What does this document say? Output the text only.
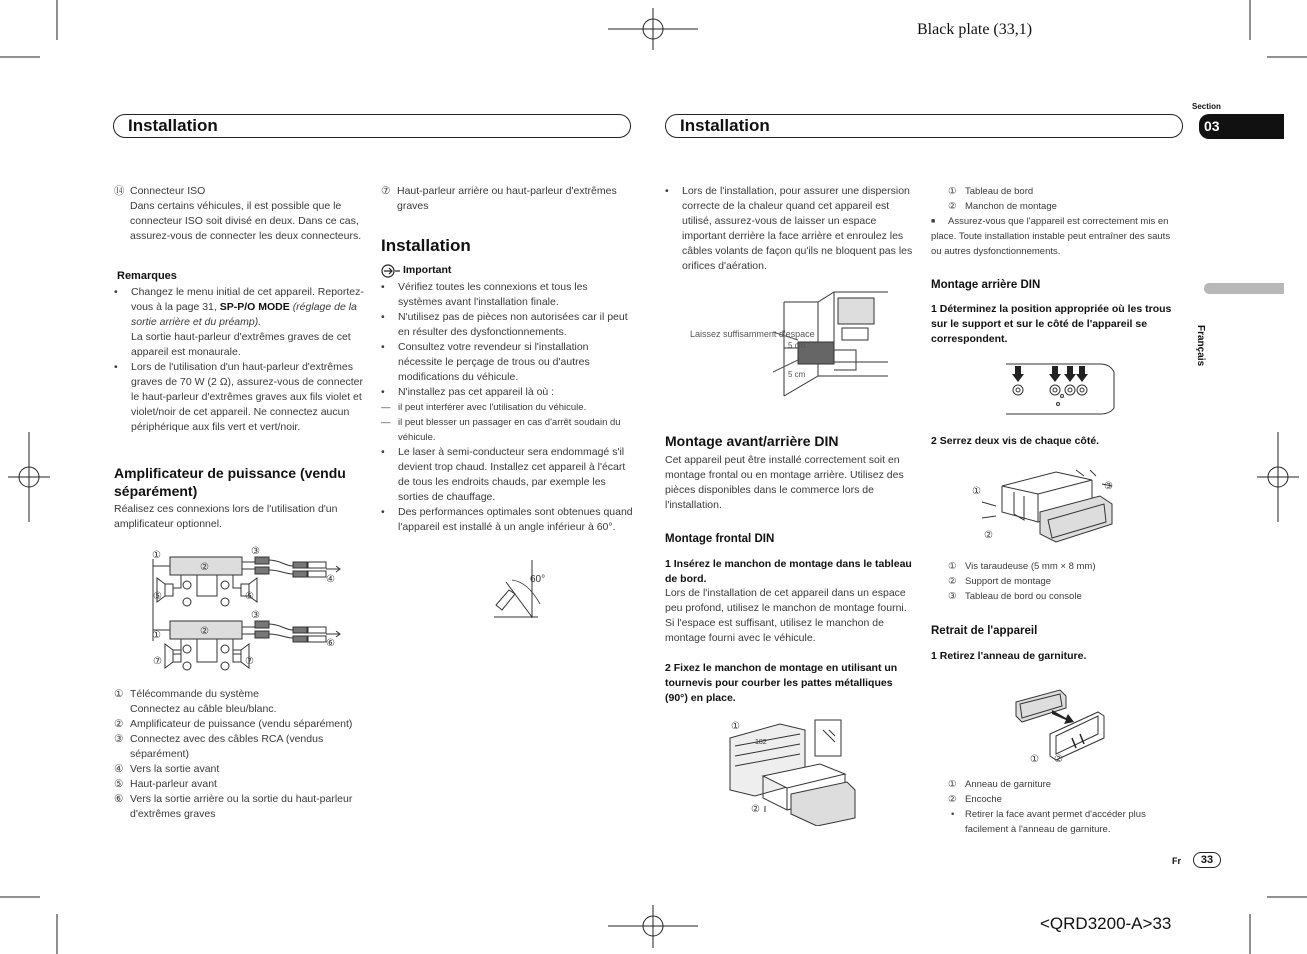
Black plate (33,1)
Installation	Installation
Section
03
Français
⑭ Connecteur ISO
Dans certains véhicules, il est possible que le connecteur ISO soit divisé en deux. Dans ce cas, assurez-vous de connecter les deux connecteurs.
Remarques
• Changez le menu initial de cet appareil. Reportez-vous à la page 31, SP-P/O MODE (réglage de la sortie arrière et du préamp).
La sortie haut-parleur d'extrêmes graves de cet appareil est monaurale.
• Lors de l'utilisation d'un haut-parleur d'extrêmes graves de 70 W (2 Ω), assurez-vous de connecter le haut-parleur d'extrêmes graves aux fils violet et violet/noir de cet appareil. Ne connectez aucun périphérique aux fils vert et vert/noir.
Amplificateur de puissance (vendu séparément)
Réalisez ces connexions lors de l'utilisation d'un amplificateur optionnel.
①
②
③
④
⑤	⑤
③
①	②
⑥
⑦	⑦
① Télécommande du système
Connectez au câble bleu/blanc.
② Amplificateur de puissance (vendu séparément)
③ Connectez avec des câbles RCA (vendus séparément)
④ Vers la sortie avant
⑤ Haut-parleur avant
⑥ Vers la sortie arrière ou la sortie du haut-parleur d'extrêmes graves
⑦ Haut-parleur arrière ou haut-parleur d'extrêmes graves
Installation
Important
• Vérifiez toutes les connexions et tous les systèmes avant l'installation finale.
• N'utilisez pas de pièces non autorisées car il peut en résulter des dysfonctionnements.
• Consultez votre revendeur si l'installation nécessite le perçage de trous ou d'autres modifications du véhicule.
• N'installez pas cet appareil là où :
— il peut interférer avec l'utilisation du véhicule.
— il peut blesser un passager en cas d'arrêt soudain du véhicule.
• Le laser à semi-conducteur sera endommagé s'il devient trop chaud. Installez cet appareil à l'écart de tous les endroits chauds, par exemple les sorties de chauffage.
• Des performances optimales sont obtenues quand l'appareil est installé à un angle inférieur à 60°.
60°
• Lors de l'installation, pour assurer une dispersion correcte de la chaleur quand cet appareil est utilisé, assurez-vous de laisser un espace important derrière la face arrière et enroulez les câbles volants de façon qu'ils ne bloquent pas les orifices d'aération.
Laissez suffisamment d'espace
5 cm
5 cm
Montage avant/arrière DIN
Cet appareil peut être installé correctement soit en montage frontal ou en montage arrière. Utilisez des pièces disponibles dans le commerce lors de l'installation.
Montage frontal DIN
1 Insérez le manchon de montage dans le tableau de bord.
Lors de l'installation de cet appareil dans un espace peu profond, utilisez le manchon de montage fourni. Si l'espace est suffisant, utilisez le manchon de montage fourni avec le véhicule.
2 Fixez le manchon de montage en utilisant un tournevis pour courber les pattes métalliques (90°) en place.
①
②
182
① Tableau de bord
② Manchon de montage
■ Assurez-vous que l'appareil est correctement mis en place. Toute installation instable peut entraîner des sauts ou autres dysfonctionnements.
Montage arrière DIN
1 Déterminez la position appropriée où les trous sur le support et sur le côté de l'appareil se correspondent.
2 Serrez deux vis de chaque côté.
①
②
③
① Vis taraudeuse (5 mm × 8 mm)
② Support de montage
③ Tableau de bord ou console
Retrait de l'appareil
1 Retirez l'anneau de garniture.
① ②
① Anneau de garniture
② Encoche
• Retirer la face avant permet d'accéder plus facilement à l'anneau de garniture.
Fr	33
<QRD3200-A>33
